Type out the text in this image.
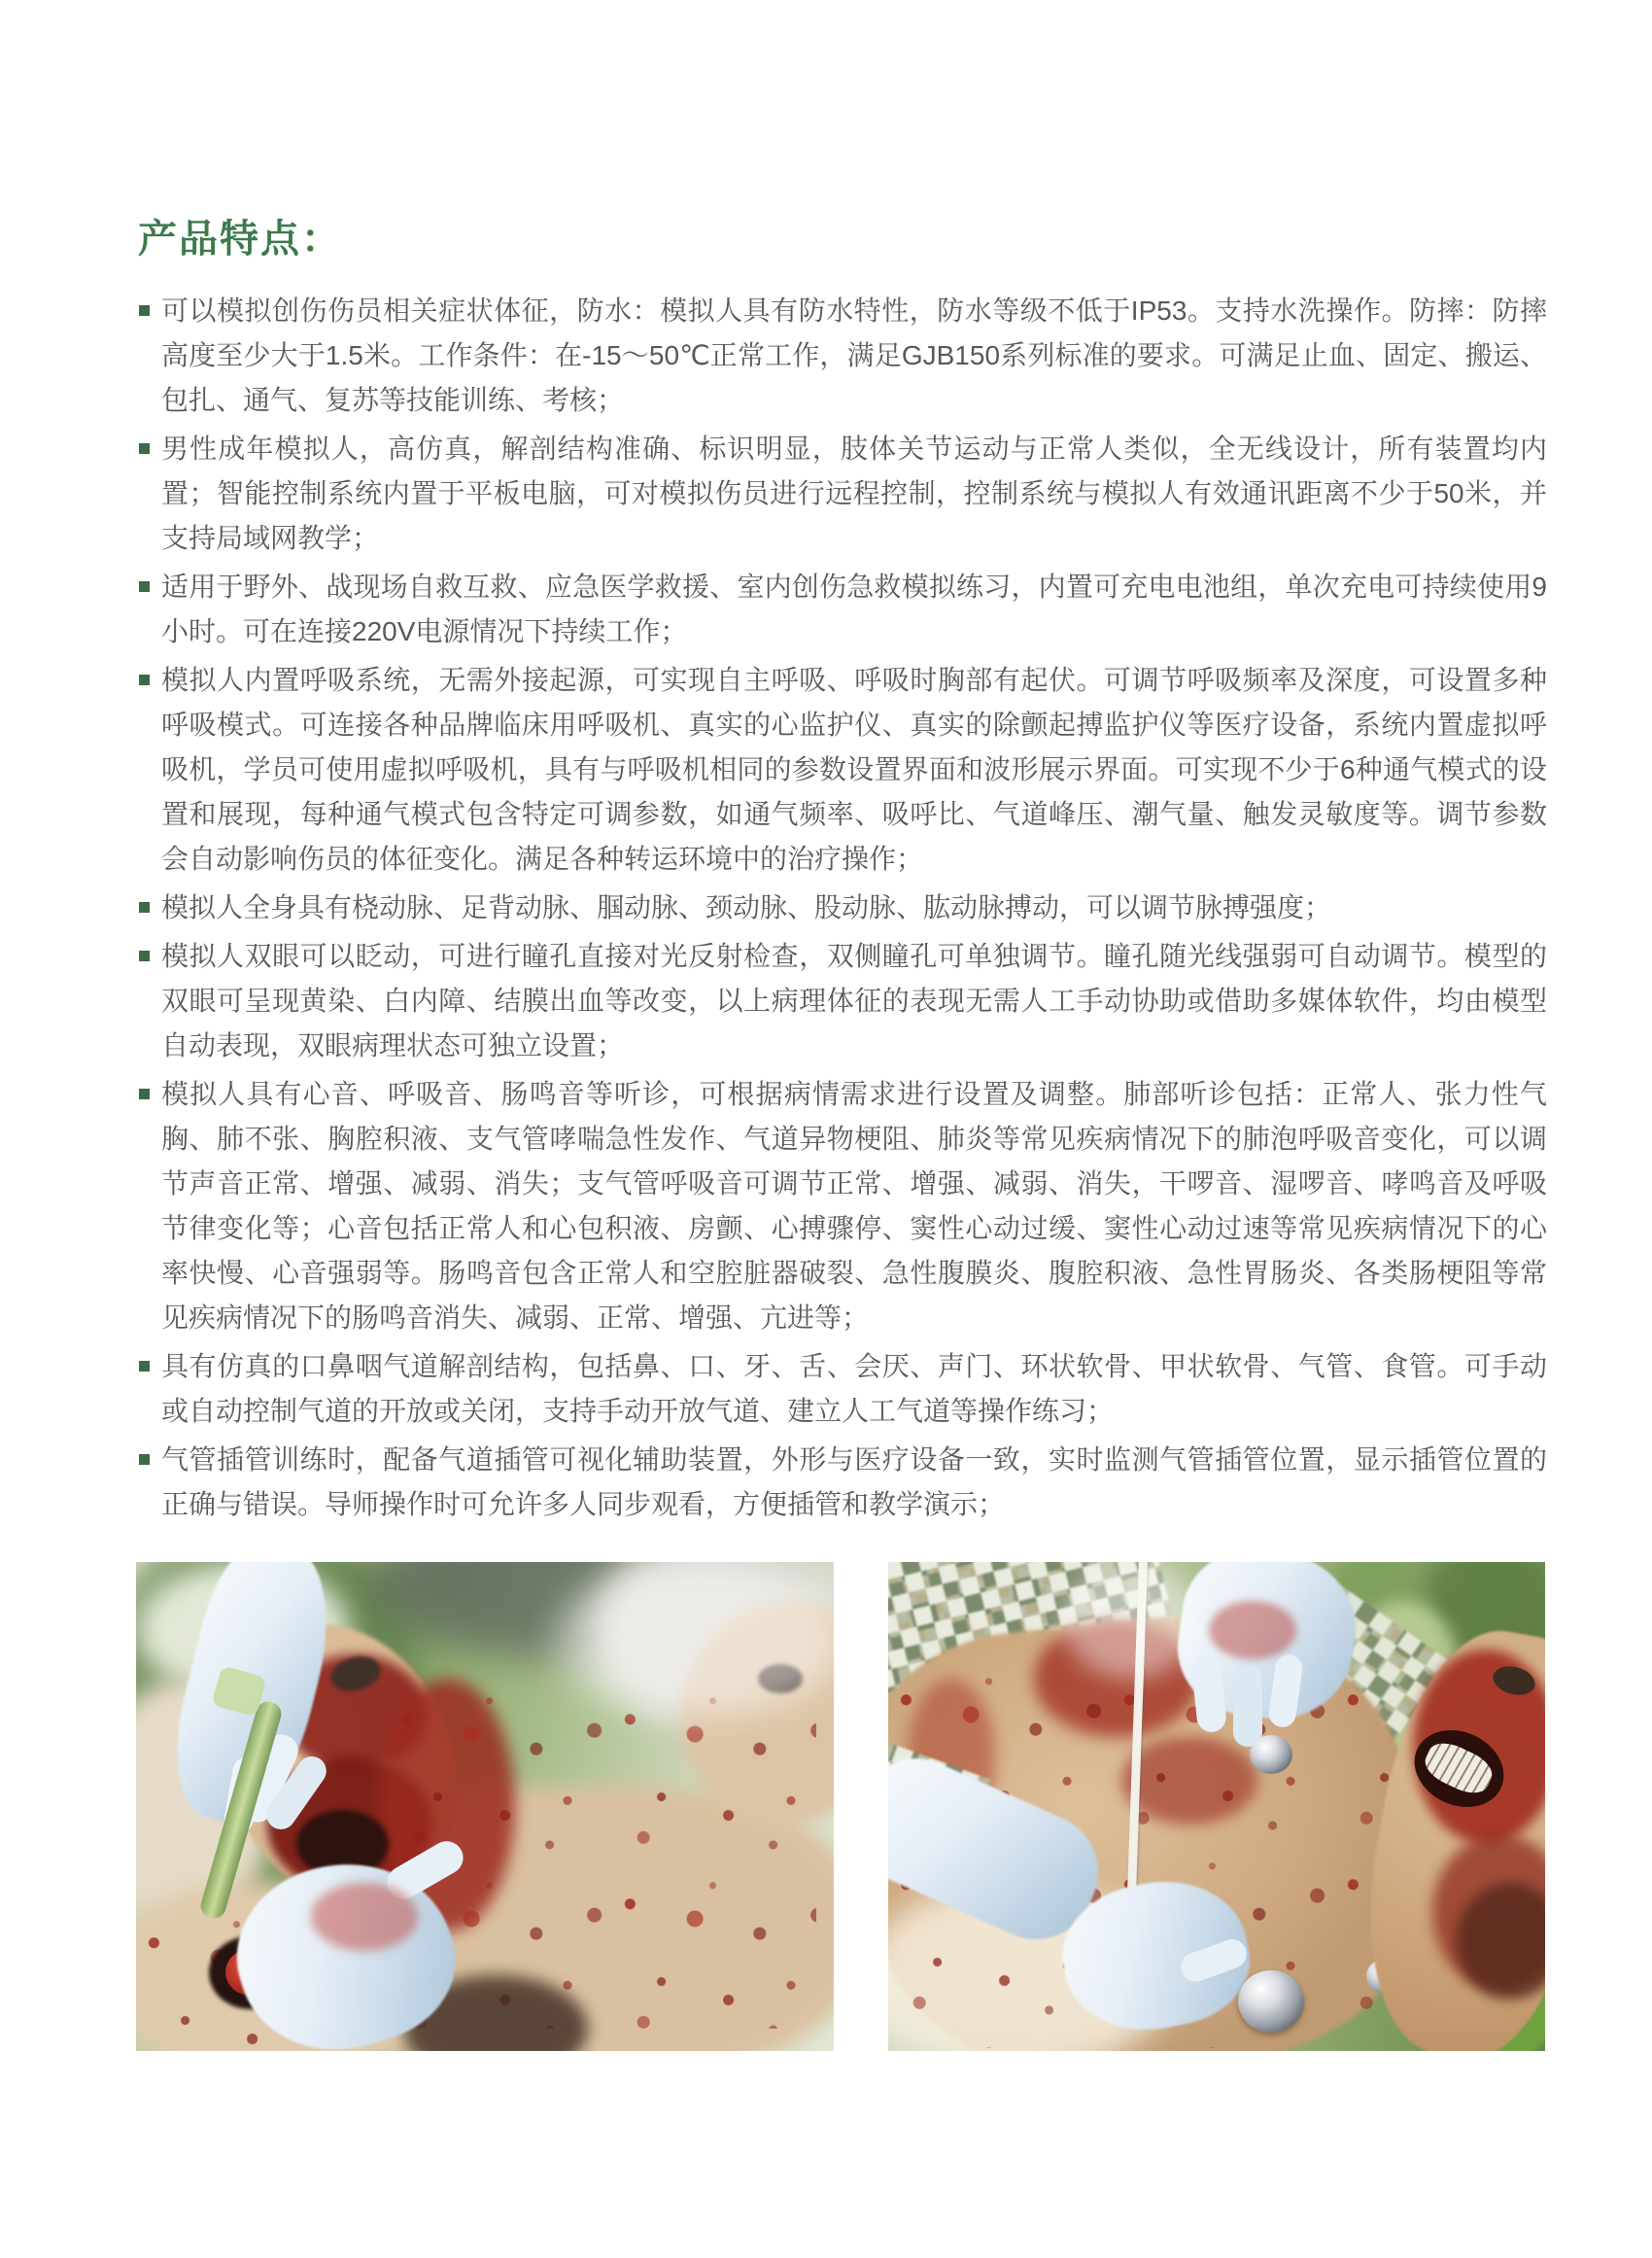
产品特点：
可以模拟创伤伤员相关症状体征，防水：模拟人具有防水特性，防水等级不低于IP53。支持水洗操作。防摔：防摔高度至少大于1.5米。工作条件：在-15～50℃正常工作，满足GJB150系列标准的要求。可满足止血、固定、搬运、包扎、通气、复苏等技能训练、考核；
男性成年模拟人，高仿真，解剖结构准确、标识明显，肢体关节运动与正常人类似，全无线设计，所有装置均内置；智能控制系统内置于平板电脑，可对模拟伤员进行远程控制，控制系统与模拟人有效通讯距离不少于50米，并支持局域网教学；
适用于野外、战现场自救互救、应急医学救援、室内创伤急救模拟练习，内置可充电电池组，单次充电可持续使用9小时。可在连接220V电源情况下持续工作；
模拟人内置呼吸系统，无需外接起源，可实现自主呼吸、呼吸时胸部有起伏。可调节呼吸频率及深度，可设置多种呼吸模式。可连接各种品牌临床用呼吸机、真实的心监护仪、真实的除颤起搏监护仪等医疗设备，系统内置虚拟呼吸机，学员可使用虚拟呼吸机，具有与呼吸机相同的参数设置界面和波形展示界面。可实现不少于6种通气模式的设置和展现，每种通气模式包含特定可调参数，如通气频率、吸呼比、气道峰压、潮气量、触发灵敏度等。调节参数会自动影响伤员的体征变化。满足各种转运环境中的治疗操作；
模拟人全身具有桡动脉、足背动脉、腘动脉、颈动脉、股动脉、肱动脉搏动，可以调节脉搏强度；
模拟人双眼可以眨动，可进行瞳孔直接对光反射检查，双侧瞳孔可单独调节。瞳孔随光线强弱可自动调节。模型的双眼可呈现黄染、白内障、结膜出血等改变，以上病理体征的表现无需人工手动协助或借助多媒体软件，均由模型自动表现，双眼病理状态可独立设置；
模拟人具有心音、呼吸音、肠鸣音等听诊，可根据病情需求进行设置及调整。肺部听诊包括：正常人、张力性气胸、肺不张、胸腔积液、支气管哮喘急性发作、气道异物梗阻、肺炎等常见疾病情况下的肺泡呼吸音变化，可以调节声音正常、增强、减弱、消失；支气管呼吸音可调节正常、增强、减弱、消失，干啰音、湿啰音、哮鸣音及呼吸节律变化等；心音包括正常人和心包积液、房颤、心搏骤停、窦性心动过缓、窦性心动过速等常见疾病情况下的心率快慢、心音强弱等。肠鸣音包含正常人和空腔脏器破裂、急性腹膜炎、腹腔积液、急性胃肠炎、各类肠梗阻等常见疾病情况下的肠鸣音消失、减弱、正常、增强、亢进等；
具有仿真的口鼻咽气道解剖结构，包括鼻、口、牙、舌、会厌、声门、环状软骨、甲状软骨、气管、食管。可手动或自动控制气道的开放或关闭，支持手动开放气道、建立人工气道等操作练习；
气管插管训练时，配备气道插管可视化辅助装置，外形与医疗设备一致，实时监测气管插管位置，显示插管位置的正确与错误。导师操作时可允许多人同步观看，方便插管和教学演示；
